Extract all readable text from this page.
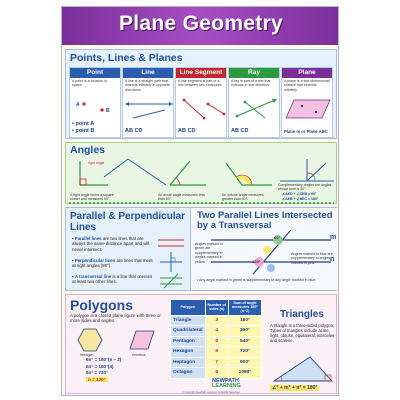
Plane Geometry
Points, Lines & Planes
Point
A point is a location in space.
A
B
• point A
• point B
Line
A line is a straight path that extends infinitely in opposite directions.
AB CD
Line Segment
A line segment is part of a line between two endpoints.
AB CD
Ray
A ray is part of a line that extends in one direction.
AB CD
Plane
A plane is a two-dimensional surface that extends infinitely.
Plane m or Plane ABC
Angles
right angle
A right angle forms a square corner and measures 90°.
An acute angle measures less than 90°.
An obtuse angle measures greater than 90°.
Complementary angles are angles whose sum is 90°.
∠AED + ∠CEB = 90°
∠AEB + ∠BEC = 180°
Parallel & Perpendicular Lines
• Parallel lines are two lines that are always the same distance apart and will never intersect.
• Perpendicular lines are lines that meet at right angles (90°).
• A transversal line is a line that crosses at least two other lines.
Two Parallel Lines Intersected by a Transversal
60°
120°
m
n
Angles marked in green are supplementary to angles marked in yellow.
Angles marked in blue are supplementary to angles marked in pink.
• Any angle marked in green is supplementary to any angle marked in blue.
Polygons
A polygon is a closed plane figure with three or more sides and angles.
hexagon	rhombus
6n° = 180°(6 − 2)
6n° = 180°(4)
6n° = 720°
n = 120°
Polygon	Number of sides (n)	Sum of angle measures 180°(n−2)
Triangle	3	180°
Quadrilateral	4	360°
Pentagon	5	540°
Hexagon	6	720°
Heptagon	7	900°
Octagon	8	1080°
Triangles
A triangle is a three-sided polygon. Types of triangles include acute, right, obtuse, equilateral, isosceles and scalene.
∠° + m° + n° = 180°
NEWPATH
LEARNING
© Copyright NewPath Learning. All Rights Reserved.
